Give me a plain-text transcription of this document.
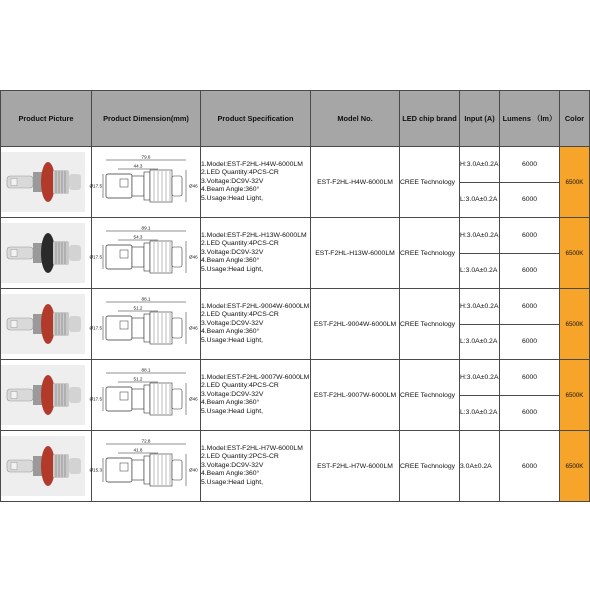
Product Picture	Product Dimension(mm)	Product Specification	Model No.	LED chip brand	Input (A)	Lumens （lm）	Color

79.6
44.3
Ø17.5 Ø46	1.Model:EST-F2HL-H4W-6000LM
2.LED Quantity:4PCS-CR
3.Voltage:DC9V-32V
4.Beam Angle:360°
5.Usage:Head Light,	EST-F2HL-H4W-6000LM	CREE Technology	H:3.0A±0.2A	6000	6500K
					L:3.0A±0.2A	6000	

89.1
54.3
Ø17.5 Ø46	1.Model:EST-F2HL-H13W-6000LM
2.LED Quantity:4PCS-CR
3.Voltage:DC9V-32V
4.Beam Angle:360°
5.Usage:Head Light,	EST-F2HL-H13W-6000LM	CREE Technology	H:3.0A±0.2A	6000	6500K
					L:3.0A±0.2A	6000	

88.1
51.2
Ø17.5 Ø46	1.Model:EST-F2HL-9004W-6000LM
2.LED Quantity:4PCS-CR
3.Voltage:DC9V-32V
4.Beam Angle:360°
5.Usage:Head Light,	EST-F2HL-9004W-6000LM	CREE Technology	H:3.0A±0.2A	6000	6500K
					L:3.0A±0.2A	6000	

88.1
51.2
Ø17.5 Ø46	1.Model:EST-F2HL-9007W-6000LM
2.LED Quantity:4PCS-CR
3.Voltage:DC9V-32V
4.Beam Angle:360°
5.Usage:Head Light,	EST-F2HL-9007W-6000LM	CREE Technology	H:3.0A±0.2A	6000	6500K
					L:3.0A±0.2A	6000	

72.8
41.8
Ø15.3 Ø40	1.Model:EST-F2HL-H7W-6000LM
2.LED Quantity:2PCS-CR
3.Voltage:DC9V-32V
4.Beam Angle:360°
5.Usage:Head Light,	EST-F2HL-H7W-6000LM	CREE Technology	3.0A±0.2A	6000	6500K
